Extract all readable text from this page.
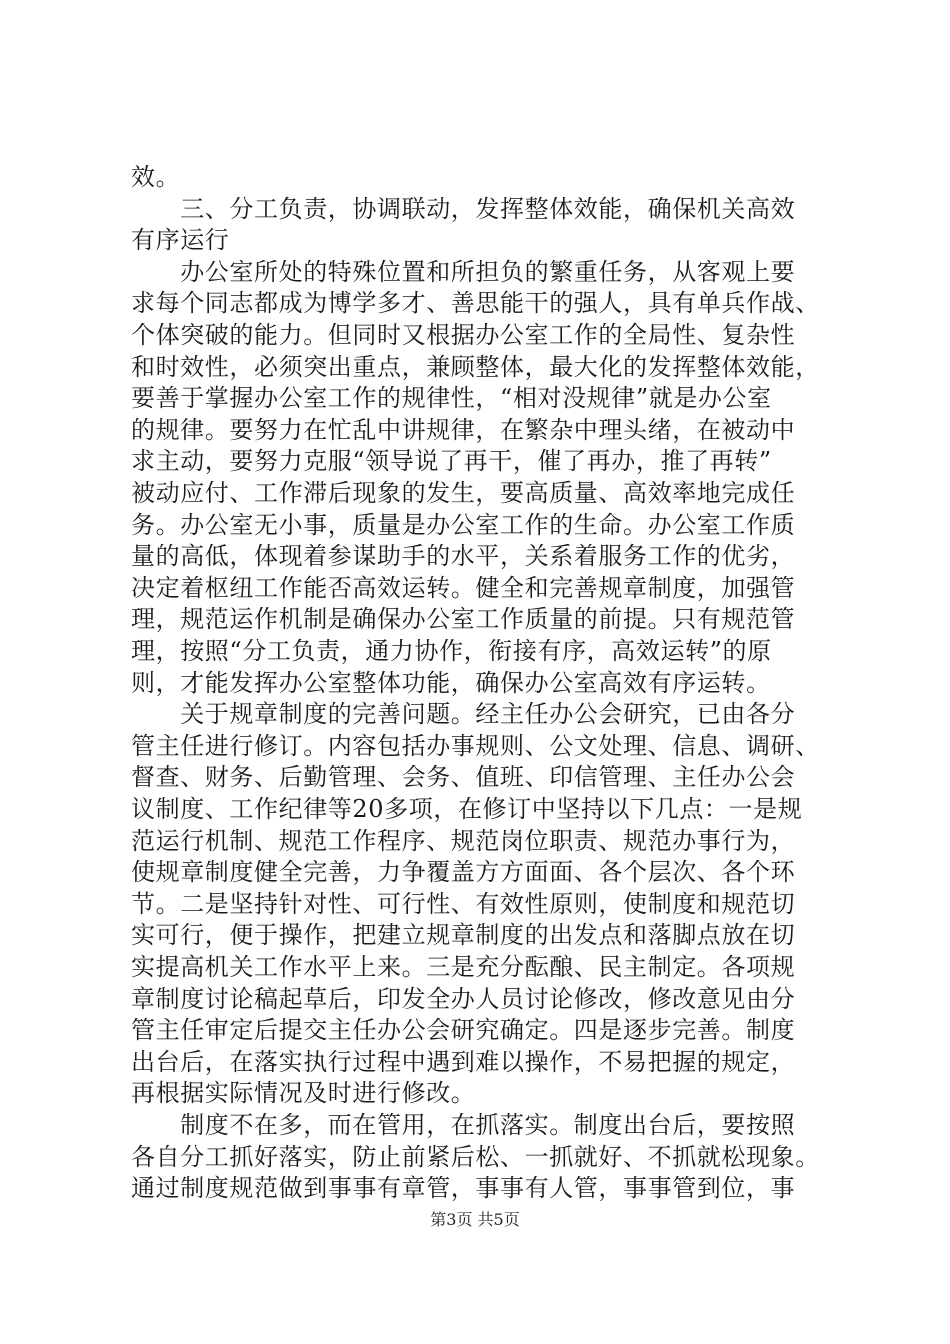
效。
　　三、分工负责，协调联动，发挥整体效能，确保机关高效
有序运行
　　办公室所处的特殊位置和所担负的繁重任务，从客观上要
求每个同志都成为博学多才、善思能干的强人，具有单兵作战、
个体突破的能力。但同时又根据办公室工作的全局性、复杂性
和时效性，必须突出重点，兼顾整体，最大化的发挥整体效能，
要善于掌握办公室工作的规律性，“相对没规律”就是办公室
的规律。要努力在忙乱中讲规律，在繁杂中理头绪，在被动中
求主动，要努力克服“领导说了再干，催了再办，推了再转”
被动应付、工作滞后现象的发生，要高质量、高效率地完成任
务。办公室无小事，质量是办公室工作的生命。办公室工作质
量的高低，体现着参谋助手的水平，关系着服务工作的优劣，
决定着枢纽工作能否高效运转。健全和完善规章制度，加强管
理，规范运作机制是确保办公室工作质量的前提。只有规范管
理，按照“分工负责，通力协作，衔接有序，高效运转”的原
则，才能发挥办公室整体功能，确保办公室高效有序运转。
　　关于规章制度的完善问题。经主任办公会研究，已由各分
管主任进行修订。内容包括办事规则、公文处理、信息、调研、
督查、财务、后勤管理、会务、值班、印信管理、主任办公会
议制度、工作纪律等20多项，在修订中坚持以下几点：一是规
范运行机制、规范工作程序、规范岗位职责、规范办事行为，
使规章制度健全完善，力争覆盖方方面面、各个层次、各个环
节。二是坚持针对性、可行性、有效性原则，使制度和规范切
实可行，便于操作，把建立规章制度的出发点和落脚点放在切
实提高机关工作水平上来。三是充分酝酿、民主制定。各项规
章制度讨论稿起草后，印发全办人员讨论修改，修改意见由分
管主任审定后提交主任办公会研究确定。四是逐步完善。制度
出台后，在落实执行过程中遇到难以操作，不易把握的规定，
再根据实际情况及时进行修改。
　　制度不在多，而在管用，在抓落实。制度出台后，要按照
各自分工抓好落实，防止前紧后松、一抓就好、不抓就松现象。
通过制度规范做到事事有章管，事事有人管，事事管到位，事
第3页 共5页
